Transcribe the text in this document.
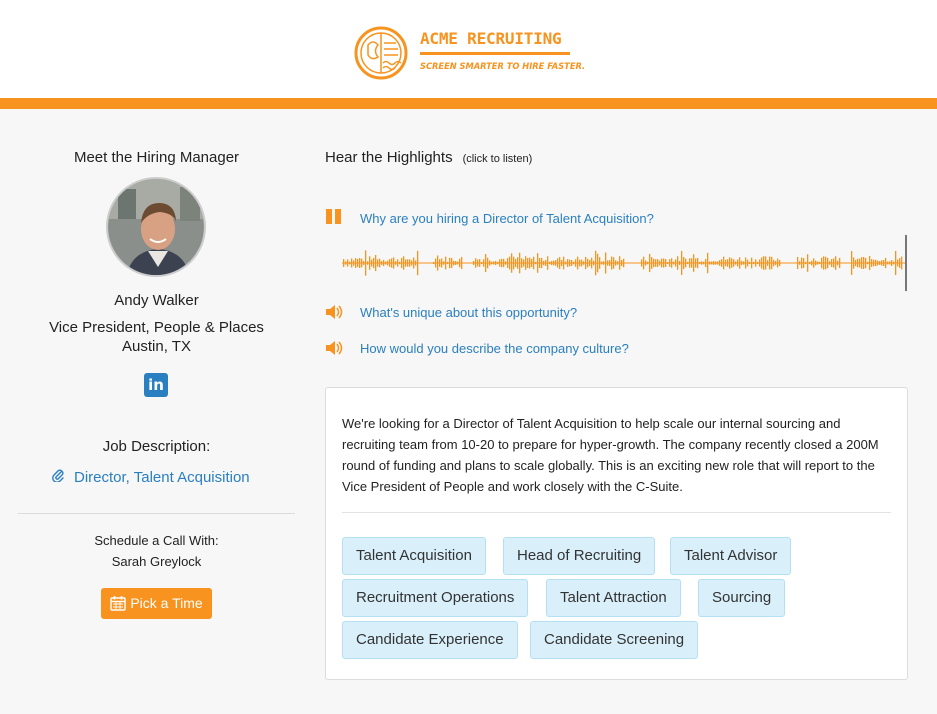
ACME RECRUITING
SCREEN SMARTER TO HIRE FASTER.
Meet the Hiring Manager
Andy Walker
Vice President, People & Places
Austin, TX
in
Job Description:
Director, Talent Acquisition
Schedule a Call With:
Sarah Greylock
Pick a Time
Hear the Highlights (click to listen)
Why are you hiring a Director of Talent Acquisition?
What's unique about this opportunity?
How would you describe the company culture?
We're looking for a Director of Talent Acquisition to help scale our internal sourcing and recruiting team from 10-20 to prepare for hyper-growth. The company recently closed a 200M round of funding and plans to scale globally. This is an exciting new role that will report to the Vice President of People and work closely with the C-Suite.
Talent Acquisition	Head of Recruiting	Talent Advisor
Recruitment Operations	Talent Attraction	Sourcing
Candidate Experience	Candidate Screening
